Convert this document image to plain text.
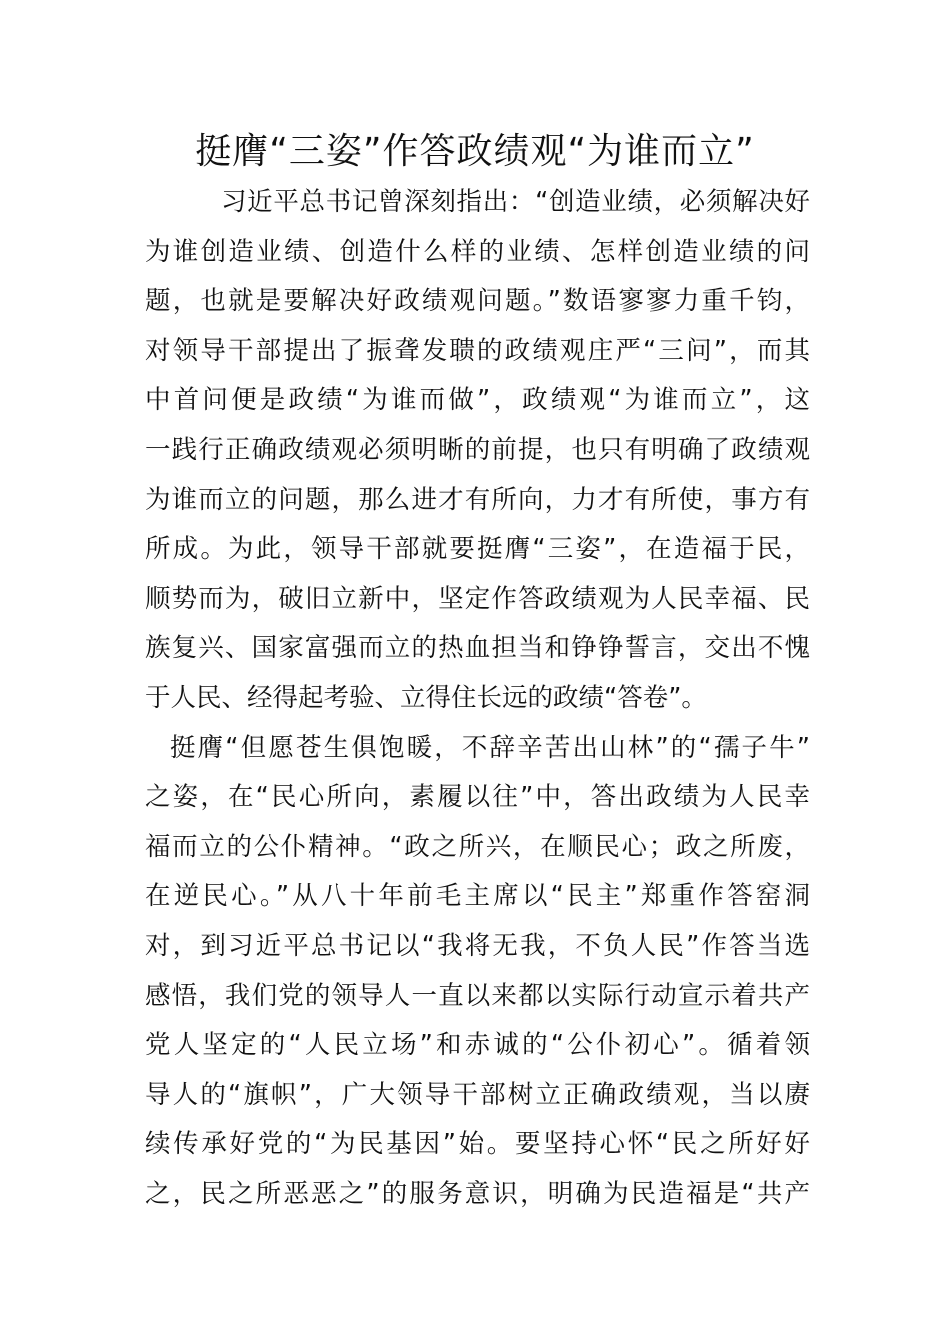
挺膺“三姿”作答政绩观“为谁而立”
习近平总书记曾深刻指出：“创造业绩，必须解决好
为谁创造业绩、创造什么样的业绩、怎样创造业绩的问
题，也就是要解决好政绩观问题。”数语寥寥力重千钧，
对领导干部提出了振聋发聩的政绩观庄严“三问”，而其
中首问便是政绩“为谁而做”，政绩观“为谁而立”，这
一践行正确政绩观必须明晰的前提，也只有明确了政绩观
为谁而立的问题，那么进才有所向，力才有所使，事方有
所成。为此，领导干部就要挺膺“三姿”，在造福于民，
顺势而为，破旧立新中，坚定作答政绩观为人民幸福、民
族复兴、国家富强而立的热血担当和铮铮誓言，交出不愧
于人民、经得起考验、立得住长远的政绩“答卷”。
挺膺“但愿苍生俱饱暖，不辞辛苦出山林”的“孺子牛”
之姿，在“民心所向，素履以往”中，答出政绩为人民幸
福而立的公仆精神。“政之所兴，在顺民心；政之所废，
在逆民心。”从八十年前毛主席以“民主”郑重作答窑洞
对，到习近平总书记以“我将无我，不负人民”作答当选
感悟，我们党的领导人一直以来都以实际行动宣示着共产
党人坚定的“人民立场”和赤诚的“公仆初心”。循着领
导人的“旗帜”，广大领导干部树立正确政绩观，当以赓
续传承好党的“为民基因”始。要坚持心怀“民之所好好
之，民之所恶恶之”的服务意识，明确为民造福是“共产
